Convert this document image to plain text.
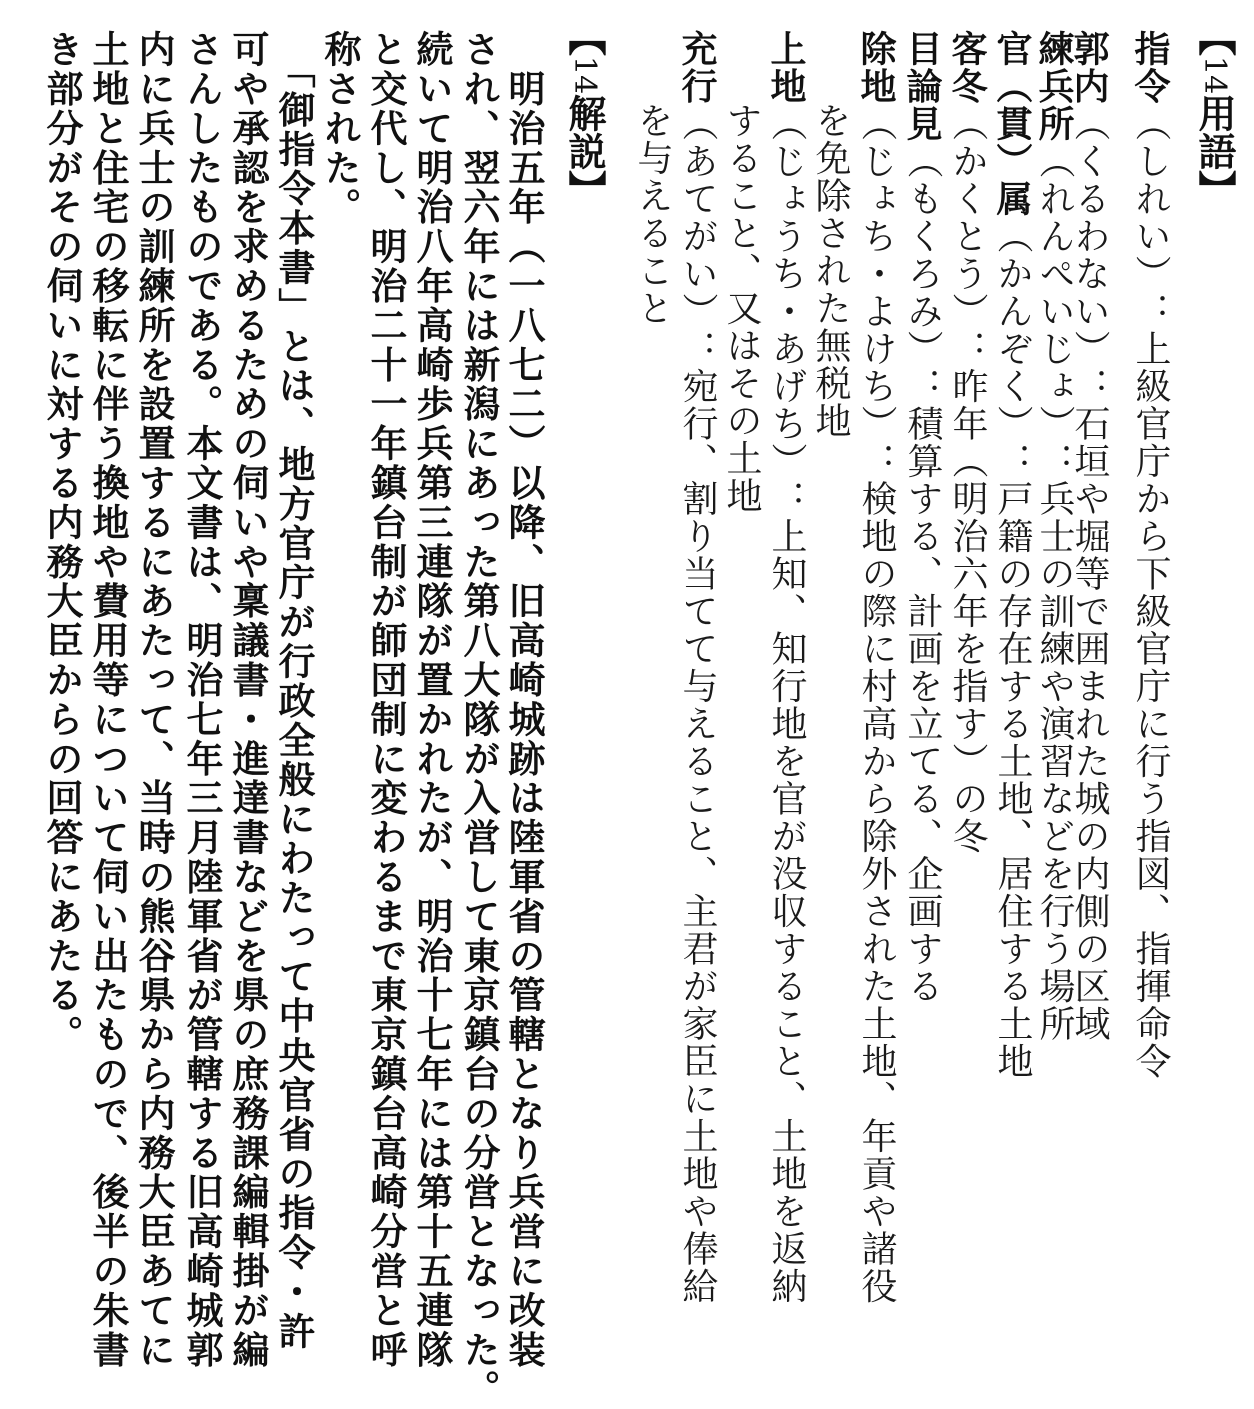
【14用語】
指令（しれい）：上級官庁から下級官庁に行う指図、指揮命令
郭内（くるわない）：石垣や堀等で囲まれた城の内側の区域
練兵所（れんぺいじょ）：兵士の訓練や演習などを行う場所
官（貫）属（かんぞく）：戸籍の存在する土地、居住する土地
客冬（かくとう）：昨年（明治六年を指す）の冬
目論見（もくろみ）：積算する、計画を立てる、企画する
除地（じょち・よけち）：検地の際に村高から除外された土地、年貢や諸役
を免除された無税地
上地（じょうち・あげち）：上知、知行地を官が没収すること、土地を返納
すること、又はその土地
充行（あてがい）：宛行、割り当てて与えること、主君が家臣に土地や俸給
を与えること
【14解説】
　明治五年（一八七二）以降、旧高崎城跡は陸軍省の管轄となり兵営に改装
され、翌六年には新潟にあった第八大隊が入営して東京鎮台の分営となった。
続いて明治八年高崎歩兵第三連隊が置かれたが、明治十七年には第十五連隊
と交代し、明治二十一年鎮台制が師団制に変わるまで東京鎮台高崎分営と呼
称された。
　「御指令本書」とは、地方官庁が行政全般にわたって中央官省の指令・許
可や承認を求めるための伺いや稟議書・進達書などを県の庶務課編輯掛が編
さんしたものである。本文書は、明治七年三月陸軍省が管轄する旧高崎城郭
内に兵士の訓練所を設置するにあたって、当時の熊谷県から内務大臣あてに
土地と住宅の移転に伴う換地や費用等について伺い出たもので、後半の朱書
き部分がその伺いに対する内務大臣からの回答にあたる。
